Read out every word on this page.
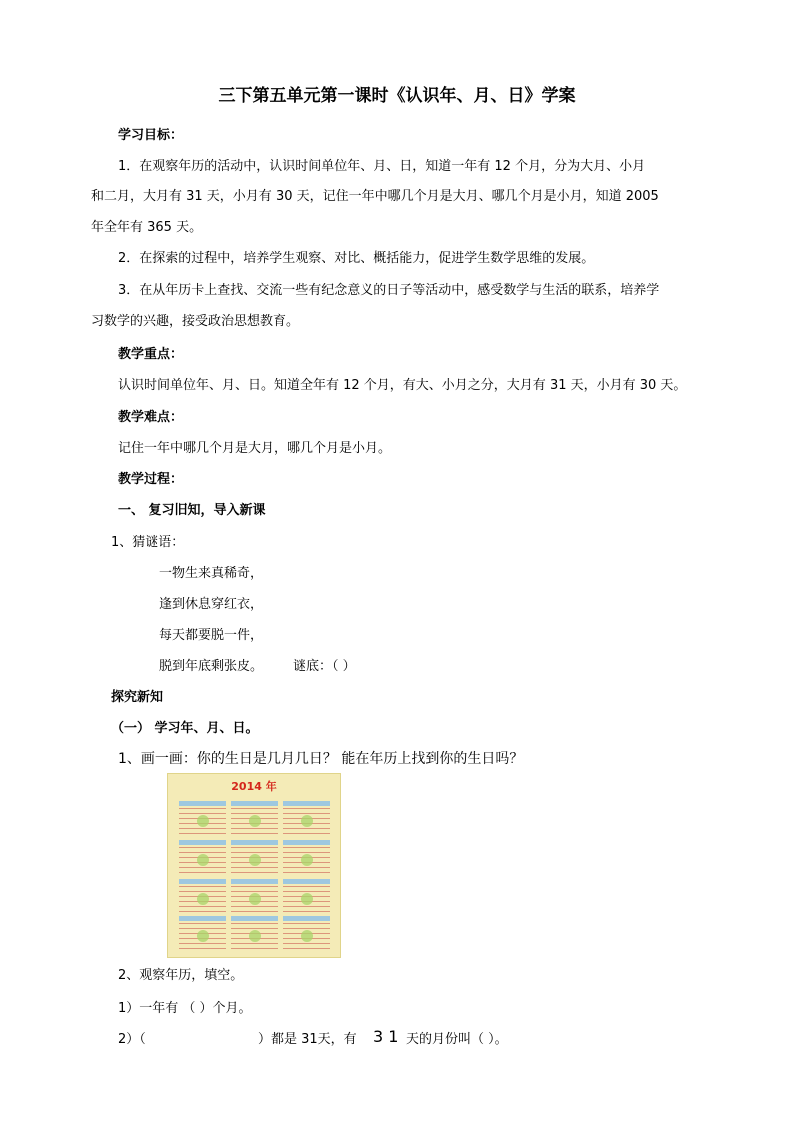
三下第五单元第一课时《认识年、月、日》学案
学习目标：
1．在观察年历的活动中，认识时间单位年、月、日，知道一年有 12 个月，分为大月、小月
和二月，大月有 31 天，小月有 30 天，记住一年中哪几个月是大月、哪几个月是小月，知道 2005
年全年有 365 天。
2．在探索的过程中，培养学生观察、对比、概括能力，促进学生数学思维的发展。
3．在从年历卡上查找、交流一些有纪念意义的日子等活动中，感受数学与生活的联系，培养学
习数学的兴趣，接受政治思想教育。
教学重点：
认识时间单位年、月、日。知道全年有 12 个月，有大、小月之分，大月有 31 天，小月有 30 天。
教学难点：
记住一年中哪几个月是大月，哪几个月是小月。
教学过程：
一、 复习旧知，导入新课
1、猜谜语：
一物生来真稀奇，
逢到休息穿红衣，
每天都要脱一件，
脱到年底剩张皮。 谜底：（ ）
探究新知
（一） 学习年、月、日。
1、画一画：你的生日是几月几日？ 能在年历上找到你的生日吗？
2014 年
2、观察年历，填空。
1）一年有 （ ）个月。
2）（	）都是 31天，有 3 1 天的月份叫（ ）。
